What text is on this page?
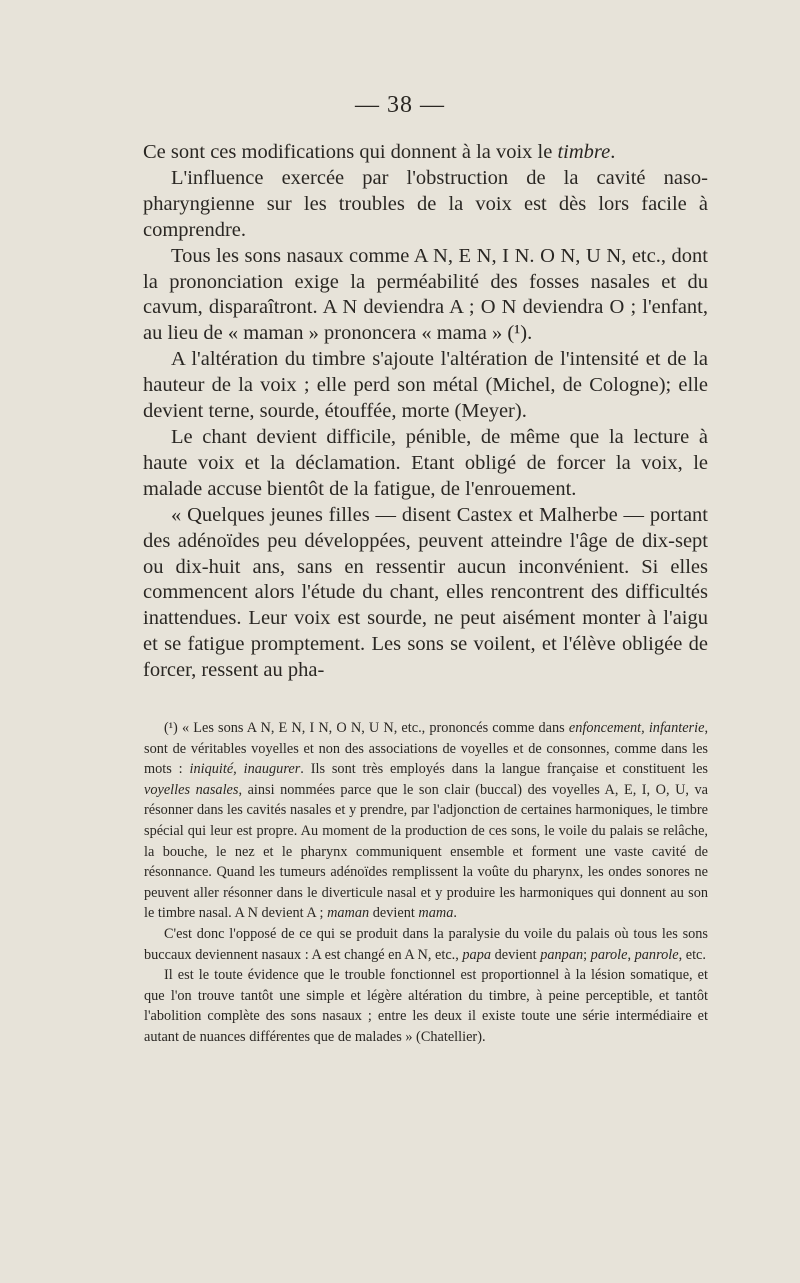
— 38 —

Ce sont ces modifications qui donnent à la voix le timbre.

L'influence exercée par l'obstruction de la cavité naso-pharyngienne sur les troubles de la voix est dès lors facile à comprendre.

Tous les sons nasaux comme A N, E N, I N. O N, U N, etc., dont la prononciation exige la perméabilité des fosses nasales et du cavum, disparaîtront. A N deviendra A ; O N deviendra O ; l'enfant, au lieu de « maman » prononcera « mama » (¹).

A l'altération du timbre s'ajoute l'altération de l'intensité et de la hauteur de la voix ; elle perd son métal (Michel, de Cologne); elle devient terne, sourde, étouffée, morte (Meyer).

Le chant devient difficile, pénible, de même que la lecture à haute voix et la déclamation. Etant obligé de forcer la voix, le malade accuse bientôt de la fatigue, de l'enrouement.

« Quelques jeunes filles — disent Castex et Malherbe — portant des adénoïdes peu développées, peuvent atteindre l'âge de dix-sept ou dix-huit ans, sans en ressentir aucun inconvénient. Si elles commencent alors l'étude du chant, elles rencontrent des difficultés inattendues. Leur voix est sourde, ne peut aisément monter à l'aigu et se fatigue promptement. Les sons se voilent, et l'élève obligée de forcer, ressent au pha-

(¹) « Les sons A N, E N, I N, O N, U N, etc., prononcés comme dans enfoncement, infanterie, sont de véritables voyelles et non des associations de voyelles et de consonnes, comme dans les mots : iniquité, inaugurer. Ils sont très employés dans la langue française et constituent les voyelles nasales, ainsi nommées parce que le son clair (buccal) des voyelles A, E, I, O, U, va résonner dans les cavités nasales et y prendre, par l'adjonction de certaines harmoniques, le timbre spécial qui leur est propre. Au moment de la production de ces sons, le voile du palais se relâche, la bouche, le nez et le pharynx communiquent ensemble et forment une vaste cavité de résonnance. Quand les tumeurs adénoïdes remplissent la voûte du pharynx, les ondes sonores ne peuvent aller résonner dans le diverticule nasal et y produire les harmoniques qui donnent au son le timbre nasal. A N devient A ; maman devient mama.

C'est donc l'opposé de ce qui se produit dans la paralysie du voile du palais où tous les sons buccaux deviennent nasaux : A est changé en A N, etc., papa devient panpan; parole, panrole, etc.

Il est le toute évidence que le trouble fonctionnel est proportionnel à la lésion somatique, et que l'on trouve tantôt une simple et légère altération du timbre, à peine perceptible, et tantôt l'abolition complète des sons nasaux ; entre les deux il existe toute une série intermédiaire et autant de nuances différentes que de malades » (Chatellier).
